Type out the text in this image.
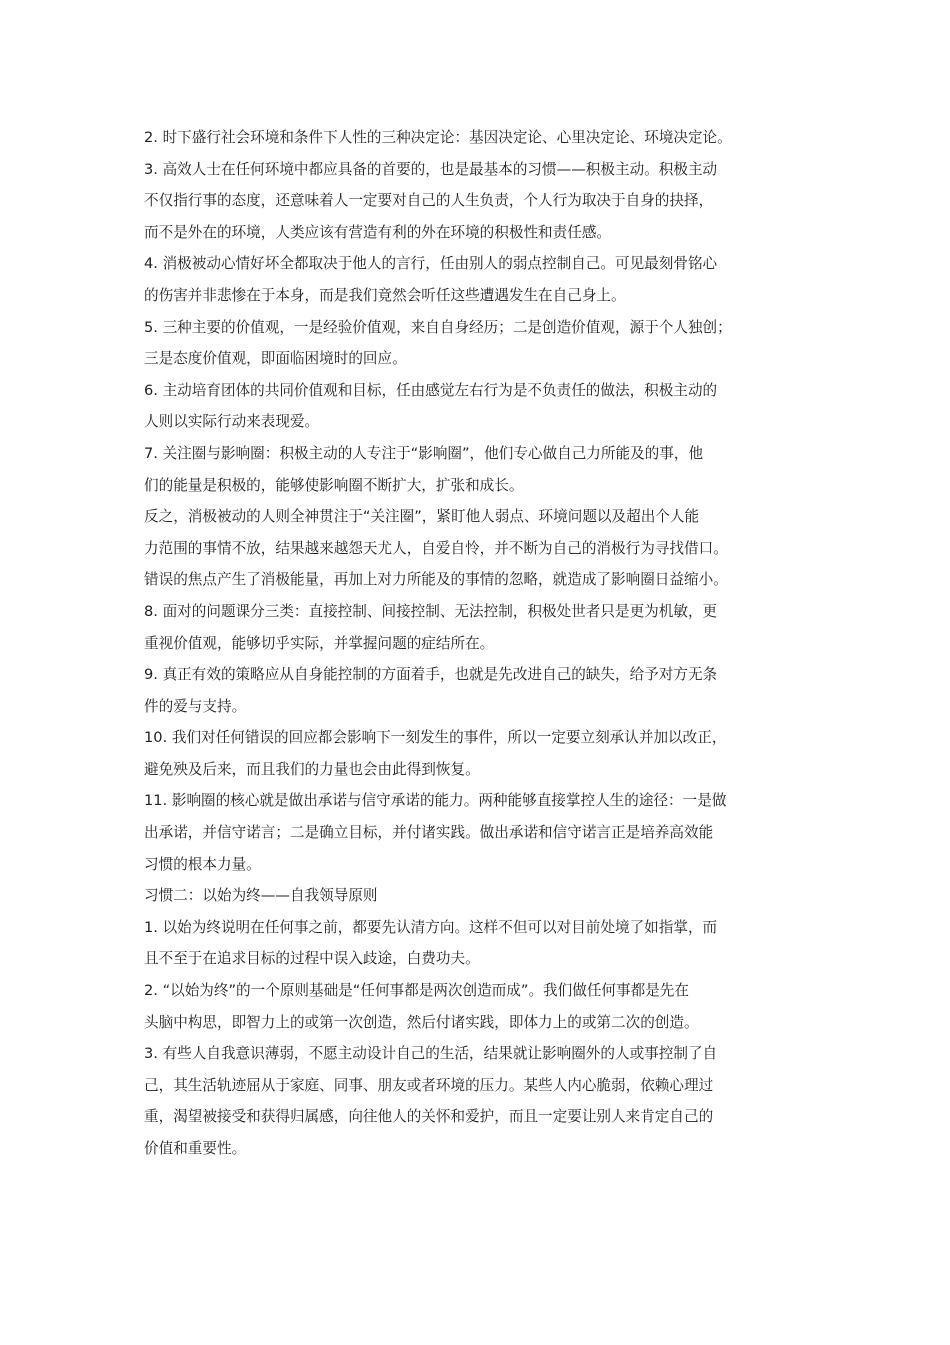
2. 时下盛行社会环境和条件下人性的三种决定论：基因决定论、心里决定论、环境决定论。
3. 高效人士在任何环境中都应具备的首要的，也是最基本的习惯——积极主动。积极主动
不仅指行事的态度，还意味着人一定要对自己的人生负责，个人行为取决于自身的抉择，
而不是外在的环境，人类应该有营造有利的外在环境的积极性和责任感。
4. 消极被动心情好坏全都取决于他人的言行，任由别人的弱点控制自己。可见最刻骨铭心
的伤害并非悲惨在于本身，而是我们竟然会听任这些遭遇发生在自己身上。
5. 三种主要的价值观，一是经验价值观，来自自身经历；二是创造价值观，源于个人独创；
三是态度价值观，即面临困境时的回应。
6. 主动培育团体的共同价值观和目标，任由感觉左右行为是不负责任的做法，积极主动的
人则以实际行动来表现爱。
7. 关注圈与影响圈：积极主动的人专注于“影响圈”，他们专心做自己力所能及的事，他
们的能量是积极的，能够使影响圈不断扩大，扩张和成长。
反之，消极被动的人则全神贯注于“关注圈”，紧盯他人弱点、环境问题以及超出个人能
力范围的事情不放，结果越来越怨天尤人，自爱自怜，并不断为自己的消极行为寻找借口。
错误的焦点产生了消极能量，再加上对力所能及的事情的忽略，就造成了影响圈日益缩小。
8. 面对的问题课分三类：直接控制、间接控制、无法控制，积极处世者只是更为机敏，更
重视价值观，能够切乎实际，并掌握问题的症结所在。
9. 真正有效的策略应从自身能控制的方面着手，也就是先改进自己的缺失，给予对方无条
件的爱与支持。
10. 我们对任何错误的回应都会影响下一刻发生的事件，所以一定要立刻承认并加以改正，
避免殃及后来，而且我们的力量也会由此得到恢复。
11. 影响圈的核心就是做出承诺与信守承诺的能力。两种能够直接掌控人生的途径：一是做
出承诺，并信守诺言；二是确立目标，并付诸实践。做出承诺和信守诺言正是培养高效能
习惯的根本力量。
习惯二：以始为终——自我领导原则
1. 以始为终说明在任何事之前，都要先认清方向。这样不但可以对目前处境了如指掌，而
且不至于在追求目标的过程中误入歧途，白费功夫。
2. “以始为终”的一个原则基础是“任何事都是两次创造而成”。我们做任何事都是先在
头脑中构思，即智力上的或第一次创造，然后付诸实践，即体力上的或第二次的创造。
3. 有些人自我意识薄弱，不愿主动设计自己的生活，结果就让影响圈外的人或事控制了自
己，其生活轨迹屈从于家庭、同事、朋友或者环境的压力。某些人内心脆弱，依赖心理过
重，渴望被接受和获得归属感，向往他人的关怀和爱护，而且一定要让别人来肯定自己的
价值和重要性。
